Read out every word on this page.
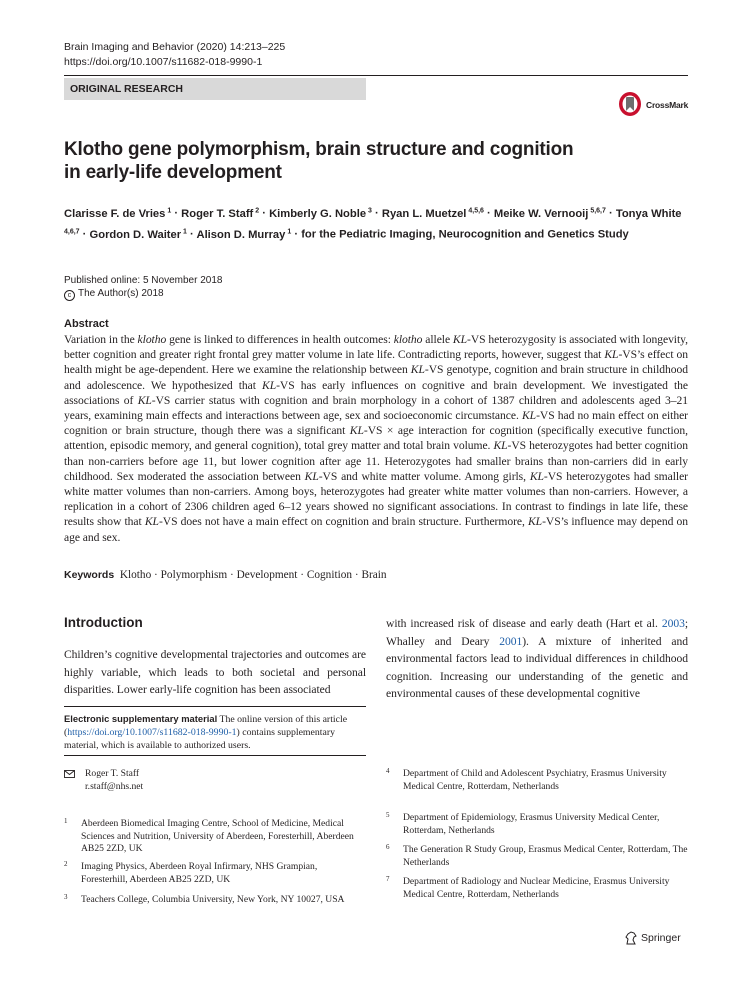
Brain Imaging and Behavior (2020) 14:213–225
https://doi.org/10.1007/s11682-018-9990-1
ORIGINAL RESEARCH
CrossMark
Klotho gene polymorphism, brain structure and cognition
in early-life development
Clarisse F. de Vries $^1$ · Roger T. Staff $^2$ · Kimberly G. Noble $^3$ · Ryan L. Muetzel $^{4,5,6}$ · Meike W. Vernooij $^{5,6,7}$ · Tonya White $^{4,6,7}$ · Gordon D. Waiter $^1$ · Alison D. Murray $^1$ · for the Pediatric Imaging, Neurocognition and Genetics Study
Published online: 5 November 2018
c The Author(s) 2018
Abstract
Variation in the klotho gene is linked to differences in health outcomes: klotho allele KL-VS heterozygosity is associated with longevity, better cognition and greater right frontal grey matter volume in late life. Contradicting reports, however, suggest that KL-VS’s effect on health might be age-dependent. Here we examine the relationship between KL-VS genotype, cognition and brain structure in childhood and adolescence. We hypothesized that KL-VS has early influences on cognitive and brain development. We investigated the associations of KL-VS carrier status with cognition and brain morphology in a cohort of 1387 children and adolescents aged 3–21 years, examining main effects and interactions between age, sex and socioeconomic circumstance. KL-VS had no main effect on either cognition or brain structure, though there was a significant KL-VS × age interaction for cognition (specifically executive function, attention, episodic memory, and general cognition), total grey matter and total brain volume. KL-VS heterozygotes had better cognition than non-carriers before age 11, but lower cognition after age 11. Heterozygotes had smaller brains than non-carriers did in early childhood. Sex moderated the association between KL-VS and white matter volume. Among girls, KL-VS heterozygotes had smaller white matter volumes than non-carriers. Among boys, heterozygotes had greater white matter volumes than non-carriers. However, a replication in a cohort of 2306 children aged 6–12 years showed no significant associations. In contrast to findings in late life, these results show that KL-VS does not have a main effect on cognition and brain structure. Furthermore, KL-VS’s influence may depend on age and sex.
Keywords Klotho · Polymorphism · Development · Cognition · Brain
Introduction
Children’s cognitive developmental trajectories and outcomes are highly variable, which leads to both societal and personal disparities. Lower early-life cognition has been associated
with increased risk of disease and early death (Hart et al. 2003; Whalley and Deary 2001). A mixture of inherited and environmental factors lead to individual differences in childhood cognition. Increasing our understanding of the genetic and environmental causes of these developmental cognitive
Electronic supplementary material The online version of this article (https://doi.org/10.1007/s11682-018-9990-1) contains supplementary material, which is available to authorized users.
Roger T. Staff
r.staff@nhs.net
1 Aberdeen Biomedical Imaging Centre, School of Medicine, Medical Sciences and Nutrition, University of Aberdeen, Foresterhill, Aberdeen AB25 2ZD, UK
2 Imaging Physics, Aberdeen Royal Infirmary, NHS Grampian, Foresterhill, Aberdeen AB25 2ZD, UK
3 Teachers College, Columbia University, New York, NY 10027, USA
4 Department of Child and Adolescent Psychiatry, Erasmus University Medical Centre, Rotterdam, Netherlands
5 Department of Epidemiology, Erasmus University Medical Center, Rotterdam, Netherlands
6 The Generation R Study Group, Erasmus Medical Center, Rotterdam, The Netherlands
7 Department of Radiology and Nuclear Medicine, Erasmus University Medical Centre, Rotterdam, Netherlands
Springer
